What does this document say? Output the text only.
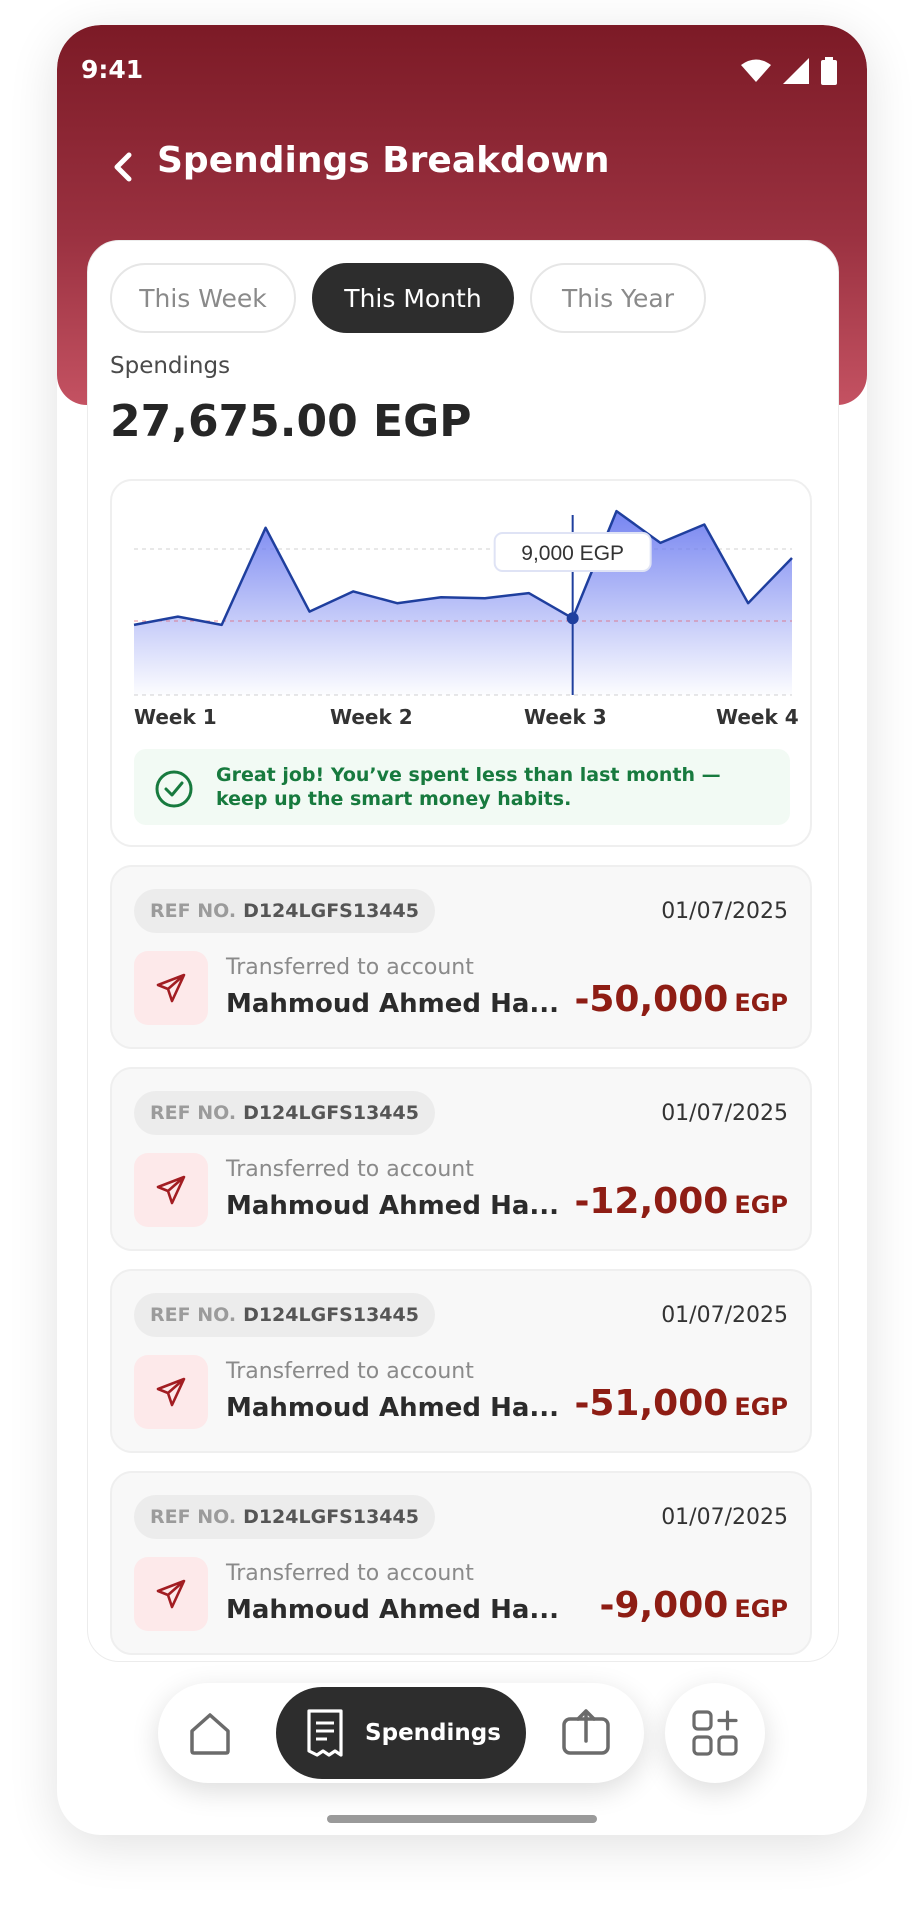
9:41
Spendings Breakdown
This Week	This Month	This Year
Spendings
27,675.00 EGP
9,000 EGP
Week 1	Week 2	Week 3	Week 4
Great job! You’ve spent less than last month — keep up the smart money habits.
REF NO. D124LGFS13445	01/07/2025
Transferred to account
Mahmoud Ahmed Ha... -50,000 EGP
REF NO. D124LGFS13445	01/07/2025
Transferred to account
Mahmoud Ahmed Ha... -12,000 EGP
REF NO. D124LGFS13445	01/07/2025
Transferred to account
Mahmoud Ahmed Ha... -51,000 EGP
REF NO. D124LGFS13445	01/07/2025
Transferred to account
Mahmoud Ahmed Ha... -9,000 EGP
Spendings
